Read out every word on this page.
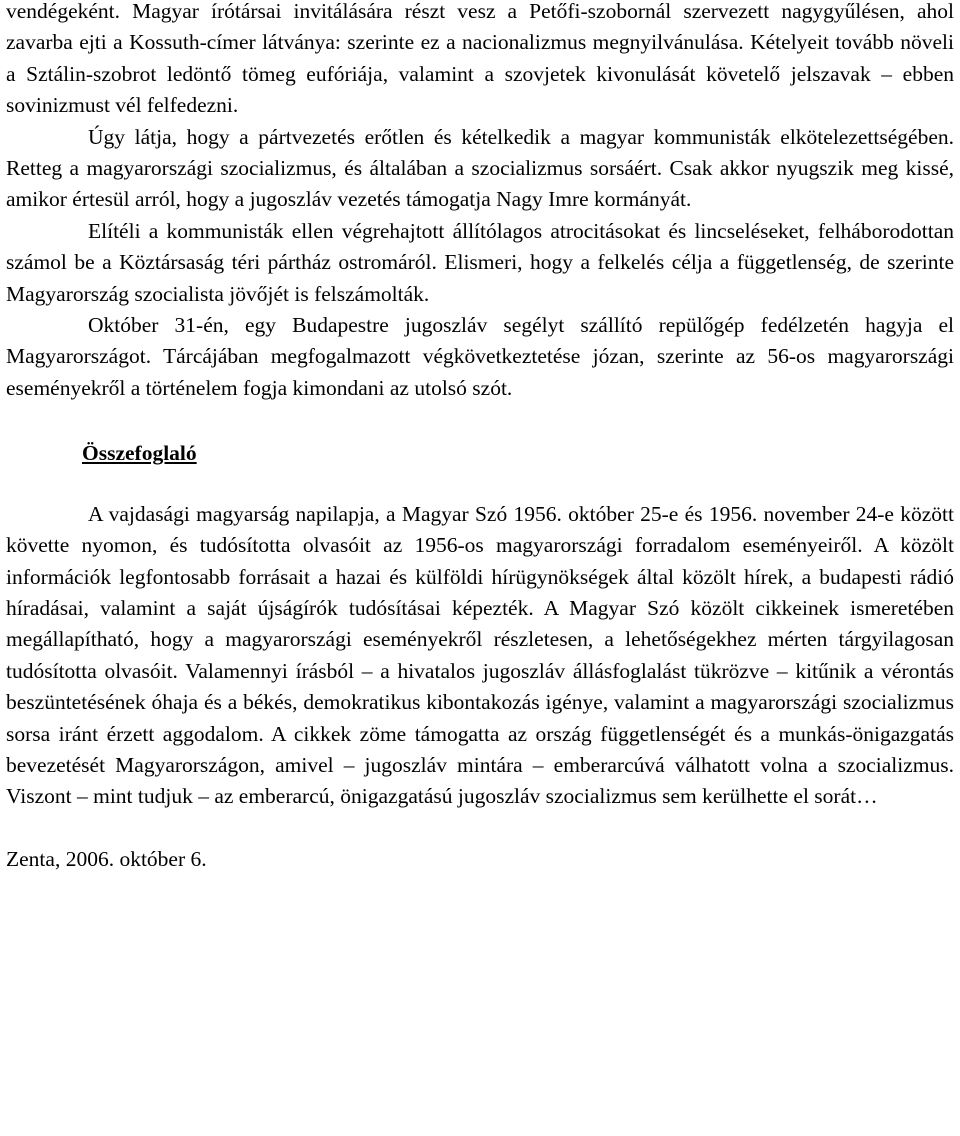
vendégeként. Magyar írótársai invitálására részt vesz a Petőfi-szobornál szervezett nagygyűlésen, ahol zavarba ejti a Kossuth-címer látványa: szerinte ez a nacionalizmus megnyilvánulása. Kételyeit tovább növeli a Sztálin-szobrot ledöntő tömeg eufóriája, valamint a szovjetek kivonulását követelő jelszavak – ebben sovinizmust vél felfedezni.

Úgy látja, hogy a pártvezetés erőtlen és kételkedik a magyar kommunisták elkötelezettségében. Retteg a magyarországi szocializmus, és általában a szocializmus sorsáért. Csak akkor nyugszik meg kissé, amikor értesül arról, hogy a jugoszláv vezetés támogatja Nagy Imre kormányát.

Elítéli a kommunisták ellen végrehajtott állítólagos atrocitásokat és lincseléseket, felháborodottan számol be a Köztársaság téri pártház ostromáról. Elismeri, hogy a felkelés célja a függetlenség, de szerinte Magyarország szocialista jövőjét is felszámolták.

Október 31-én, egy Budapestre jugoszláv segélyt szállító repülőgép fedélzetén hagyja el Magyarországot. Tárcájában megfogalmazott végkövetkeztetése józan, szerinte az 56-os magyarországi eseményekről a történelem fogja kimondani az utolsó szót.

Összefoglaló

A vajdasági magyarság napilapja, a Magyar Szó 1956. október 25-e és 1956. november 24-e között követte nyomon, és tudósította olvasóit az 1956-os magyarországi forradalom eseményeiről. A közölt információk legfontosabb forrásait a hazai és külföldi hírügynökségek által közölt hírek, a budapesti rádió híradásai, valamint a saját újságírók tudósításai képezték. A Magyar Szó közölt cikkeinek ismeretében megállapítható, hogy a magyarországi eseményekről részletesen, a lehetőségekhez mérten tárgyilagosan tudósította olvasóit. Valamennyi írásból – a hivatalos jugoszláv állásfoglalást tükrözve – kitűnik a vérontás beszüntetésének óhaja és a békés, demokratikus kibontakozás igénye, valamint a magyarországi szocializmus sorsa iránt érzett aggodalom. A cikkek zöme támogatta az ország függetlenségét és a munkás-önigazgatás bevezetését Magyarországon, amivel – jugoszláv mintára – emberarcúvá válhatott volna a szocializmus. Viszont – mint tudjuk – az emberarcú, önigazgatású jugoszláv szocializmus sem kerülhette el sorát…

Zenta, 2006. október 6.
